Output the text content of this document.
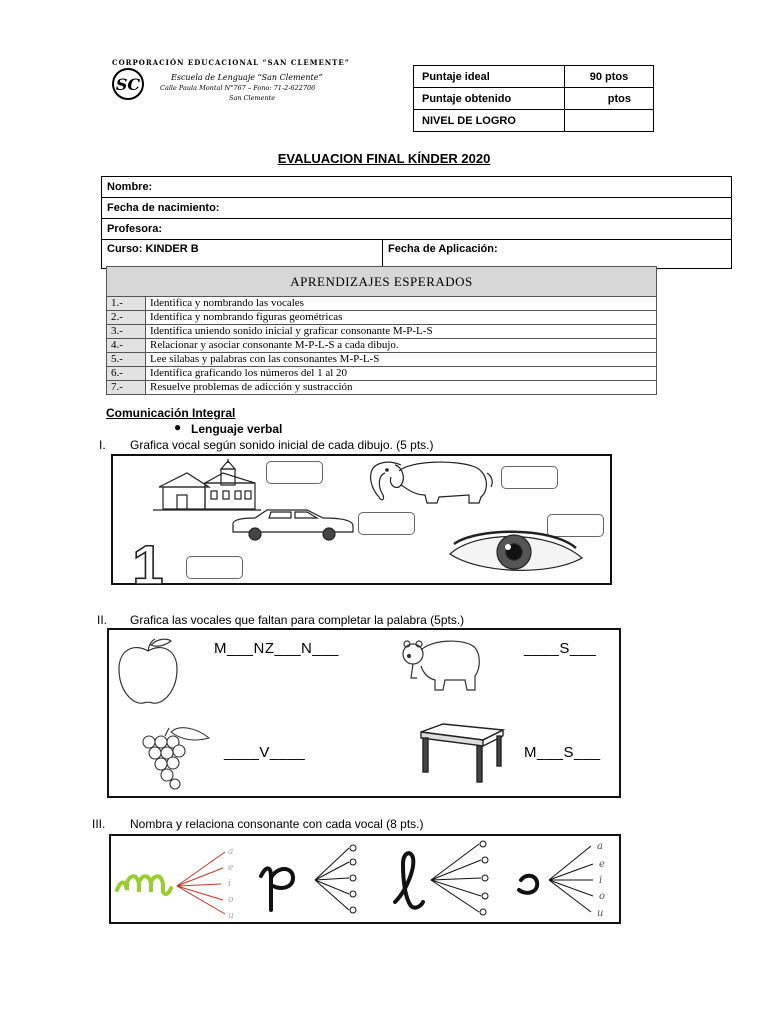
CORPORACIÓN EDUCACIONAL “SAN CLEMENTE”
SC	Escuela de Lenguaje “San Clemente”
Calle Paula Montal N°767 – Fono: 71-2-622706
San Clemente
Puntaje ideal	90 ptos
Puntaje obtenido	ptos
NIVEL DE LOGRO	
EVALUACION FINAL KÍNDER 2020
Nombre:
Fecha de nacimiento:
Profesora:
Curso: KINDER B	Fecha de Aplicación:
APRENDIZAJES ESPERADOS	
1.-	Identifica y nombrando las vocales
2.-	Identifica y nombrando figuras geométricas
3.-	Identifica uniendo sonido inicial y graficar consonante M-P-L-S
4.-	Relacionar y asociar consonante M-P-L-S a cada dibujo.
5.-	Lee silabas y palabras con las consonantes M-P-L-S
6.-	Identifica graficando los números del 1 al 20
7.-	Resuelve problemas de adicción y sustracción
Comunicación Integral
● Lenguaje verbal
I. Grafica vocal según sonido inicial de cada dibujo. (5 pts.)
1
II. Grafica las vocales que faltan para completar la palabra (5pts.)
M___NZ___N___	____S___
____V____	M___S___
III. Nombra y relaciona consonante con cada vocal (8 pts.)
a
e
i
o
u
a
e
i
o
u
